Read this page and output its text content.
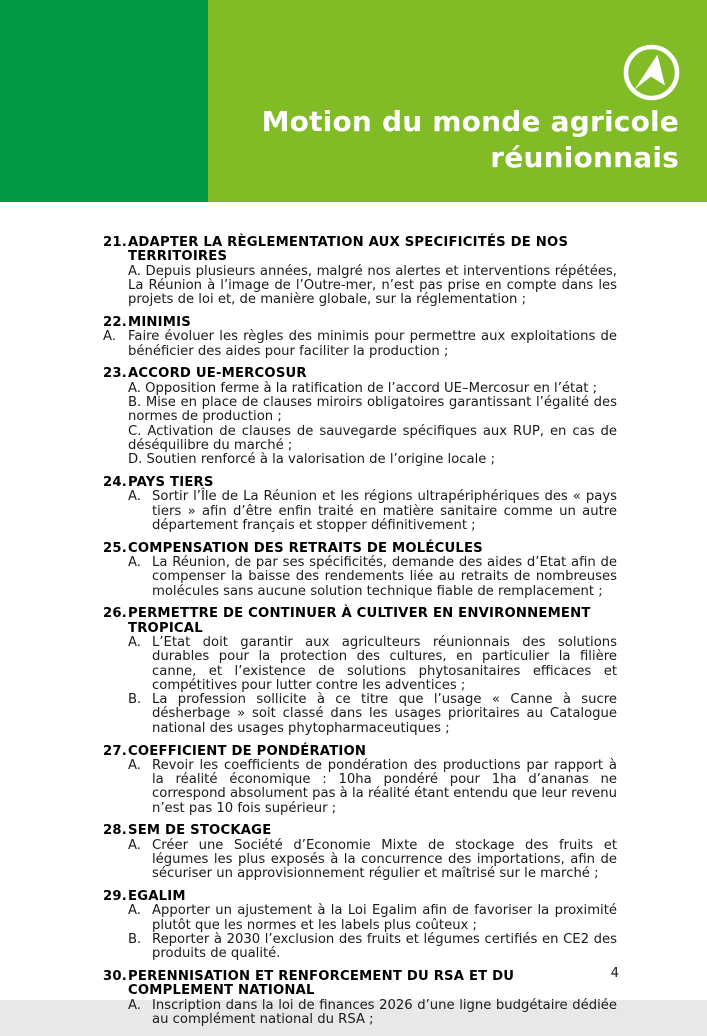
Motion du monde agricole
réunionnais
21. ADAPTER LA RÈGLEMENTATION AUX SPECIFICITÉS DE NOS TERRITOIRES
A. Depuis plusieurs années, malgré nos alertes et interventions répétées, La Réunion à l’image de l’Outre-mer, n’est pas prise en compte dans les projets de loi et, de manière globale, sur la réglementation ;
22. MINIMIS
A. Faire évoluer les règles des minimis pour permettre aux exploitations de bénéficier des aides pour faciliter la production ;
23. ACCORD UE-MERCOSUR
A. Opposition ferme à la ratification de l’accord UE–Mercosur en l’état ;
B. Mise en place de clauses miroirs obligatoires garantissant l’égalité des normes de production ;
C. Activation de clauses de sauvegarde spécifiques aux RUP, en cas de déséquilibre du marché ;
D. Soutien renforcé à la valorisation de l’origine locale ;
24. PAYS TIERS
A. Sortir l’Île de La Réunion et les régions ultrapériphériques des « pays tiers » afin d’être enfin traité en matière sanitaire comme un autre département français et stopper définitivement ;
25. COMPENSATION DES RETRAITS DE MOLÉCULES
A. La Réunion, de par ses spécificités, demande des aides d’Etat afin de compenser la baisse des rendements liée au retraits de nombreuses molécules sans aucune solution technique fiable de remplacement ;
26. PERMETTRE DE CONTINUER À CULTIVER EN ENVIRONNEMENT TROPICAL
A. L’Etat doit garantir aux agriculteurs réunionnais des solutions durables pour la protection des cultures, en particulier la filière canne, et l’existence de solutions phytosanitaires efficaces et compétitives pour lutter contre les adventices ;
B. La profession sollicite à ce titre que l’usage « Canne à sucre désherbage » soit classé dans les usages prioritaires au Catalogue national des usages phytopharmaceutiques ;
27. COEFFICIENT DE PONDÉRATION
A. Revoir les coefficients de pondération des productions par rapport à la réalité économique : 10ha pondéré pour 1ha d’ananas ne correspond absolument pas à la réalité étant entendu que leur revenu n’est pas 10 fois supérieur ;
28. SEM DE STOCKAGE
A. Créer une Société d’Economie Mixte de stockage des fruits et légumes les plus exposés à la concurrence des importations, afin de sécuriser un approvisionnement régulier et maîtrisé sur le marché ;
29. EGALIM
A. Apporter un ajustement à la Loi Egalim afin de favoriser la proximité plutôt que les normes et les labels plus coûteux ;
B. Reporter à 2030 l’exclusion des fruits et légumes certifiés en CE2 des produits de qualité.
30. PERENNISATION ET RENFORCEMENT DU RSA ET DU COMPLEMENT NATIONAL
A. Inscription dans la loi de finances 2026 d’une ligne budgétaire dédiée au complément national du RSA ;
4
